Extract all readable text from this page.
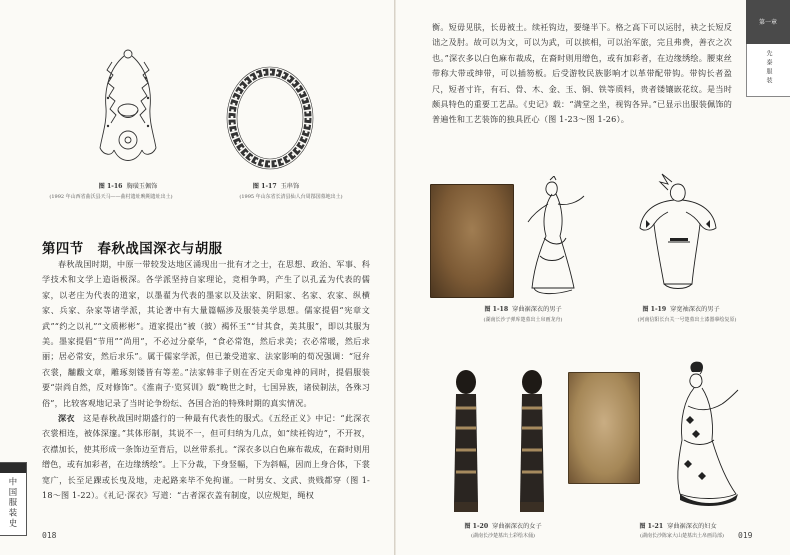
图 1-16 胸璜玉佩饰
(1992 年山西省曲沃县天马——曲村遗址晚期遗址出土)
图 1-17 玉串饰
(1995 年山东省长清县仙人台周鄀国墓地出土)
第四节　春秋战国深衣与胡服

春秋战国时期，中原一带较发达地区涌现出一批有才之士，在思想、政治、军事、科学技术和文学上造诣极深。各学派坚持自家理论，竞相争鸣，产生了以孔孟为代表的儒家，以老庄为代表的道家，以墨翟为代表的墨家以及法家、阴阳家、名家、农家、纵横家、兵家、杂家等诸学派，其论著中有大量篇幅涉及服装美学思想。儒家提倡“宪章文武”“约之以礼”“文质彬彬”。道家提出“被（披）褐怀玉”“甘其食，美其服”，即以其服为美。墨家提倡“节用”“尚用”，不必过分豪华，“食必常饱，然后求美；衣必常暖，然后求丽；居必常安，然后求乐”。属于儒家学派，但已兼受道家、法家影响的荀况强调：“冠弁衣裳，黼黻文章，雕琢刻镂皆有等差。”法家韩非子则在否定天命鬼神的同时，提倡服装要“崇尚自然，反对修饰”。《淮南子·览冥训》载“晚世之时，七国异族，诸侯制法，各殊习俗”，比较客观地记录了当时论争纷纭、各国合治的特殊时期的真实情况。

深衣　 这是春秋战国时期盛行的一种最有代表性的服式。《五经正义》中记：“此深衣衣裳相连，被体深邃。”其体形制，其说不一，但可归纳为几点，如“续衽钩边”，不开衩，衣襟加长，使其形成一条饰边至背后，以丝带系扎。“深衣多以白色麻布裁成，在裔时则用缯色，或有加彩者，在边缘绣绘”。上下分裁，下身竖幅，下为斜幅，因而上身合体，下裳宽广，长至足踝或长曳及地，走起路来毕不免拘谨。一时男女、文武、贵贱都穿（图 1-18～图 1-22）。《礼记·深衣》写道：“古者深衣盖有制度，以应规矩，绳权

中国服装史
018
第一章
先秦服装

衡。短毋见肤，长毋被土。续衽钩边，要缝半下。格之高下可以运肘，袂之长短反诎之及肘。故可以为文，可以为武，可以摈相，可以治军旅，完且弗费，善衣之次也。”深衣多以白色麻布裁成，在裔时则用缯色，或有加彩者，在边缘绣绘。腰束丝带称大带或绅带，可以插笏板。后受游牧民族影响才以革带配带钩。带钩长者盈尺，短者寸许，有石、骨、木、金、玉、铜、铁等质料，贵者镂镶嵌花纹。是当时颇具特色的重要工艺品。《史记》载：“满堂之坐，视钩各异。”已显示出服装佩饰的普遍性和工艺装饰的独具匠心（图 1-23～图 1-26）。

图 1-18 穿曲裾深衣的男子
(湖南长沙子弹库楚墓出土帛画龙舟)
图 1-19 穿宽袖深衣的男子
(河南信阳长台关一号楚墓出土漆器摹绘复原)
图 1-20 穿曲裾深衣的女子
(湖南长沙楚墓出土彩绘木俑)
图 1-21 穿曲裾深衣的妇女
(湖南长沙陈家大山楚墓出土帛画局部)	019
